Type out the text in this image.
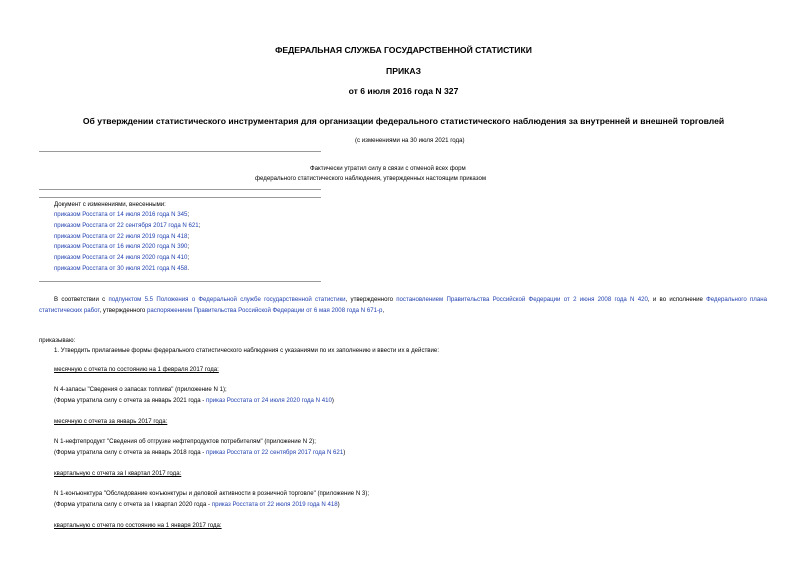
ФЕДЕРАЛЬНАЯ СЛУЖБА ГОСУДАРСТВЕННОЙ СТАТИСТИКИ
ПРИКАЗ
от 6 июля 2016 года N 327
Об утверждении статистического инструментария для организации федерального статистического наблюдения за внутренней и внешней торговлей
(с изменениями на 30 июля 2021 года)
Фактически утратил силу в связи с отменой всех форм
федерального статистического наблюдения, утвержденных настоящим приказом
Документ с изменениями, внесенными:
приказом Росстата от 14 июля 2016 года N 345;
приказом Росстата от 22 сентября 2017 года N 621;
приказом Росстата от 22 июля 2019 года N 418;
приказом Росстата от 16 июля 2020 года N 390;
приказом Росстата от 24 июля 2020 года N 410;
приказом Росстата от 30 июля 2021 года N 458.
В соответствии с подпунктом 5.5 Положения о Федеральной службе государственной статистики, утвержденного постановлением Правительства Российской Федерации от 2 июня 2008 года N 420, и во исполнение Федерального плана статистических работ, утвержденного распоряжением Правительства Российской Федерации от 6 мая 2008 года N 671-р,
приказываю:
1. Утвердить прилагаемые формы федерального статистического наблюдения с указаниями по их заполнению и ввести их в действие:
месячную с отчета по состоянию на 1 февраля 2017 года:
N 4-запасы "Сведения о запасах топлива" (приложение N 1);
(Форма утратила силу с отчета за январь 2021 года - приказ Росстата от 24 июля 2020 года N 410)
месячную с отчета за январь 2017 года:
N 1-нефтепродукт "Сведения об отгрузке нефтепродуктов потребителям" (приложение N 2);
(Форма утратила силу с отчета за январь 2018 года - приказ Росстата от 22 сентября 2017 года N 621)
квартальную с отчета за I квартал 2017 года:
N 1-конъюнктура "Обследование конъюнктуры и деловой активности в розничной торговле" (приложение N 3);
(Форма утратила силу с отчета за I квартал 2020 года - приказ Росстата от 22 июля 2019 года N 418)
квартальную с отчета по состоянию на 1 января 2017 года:
